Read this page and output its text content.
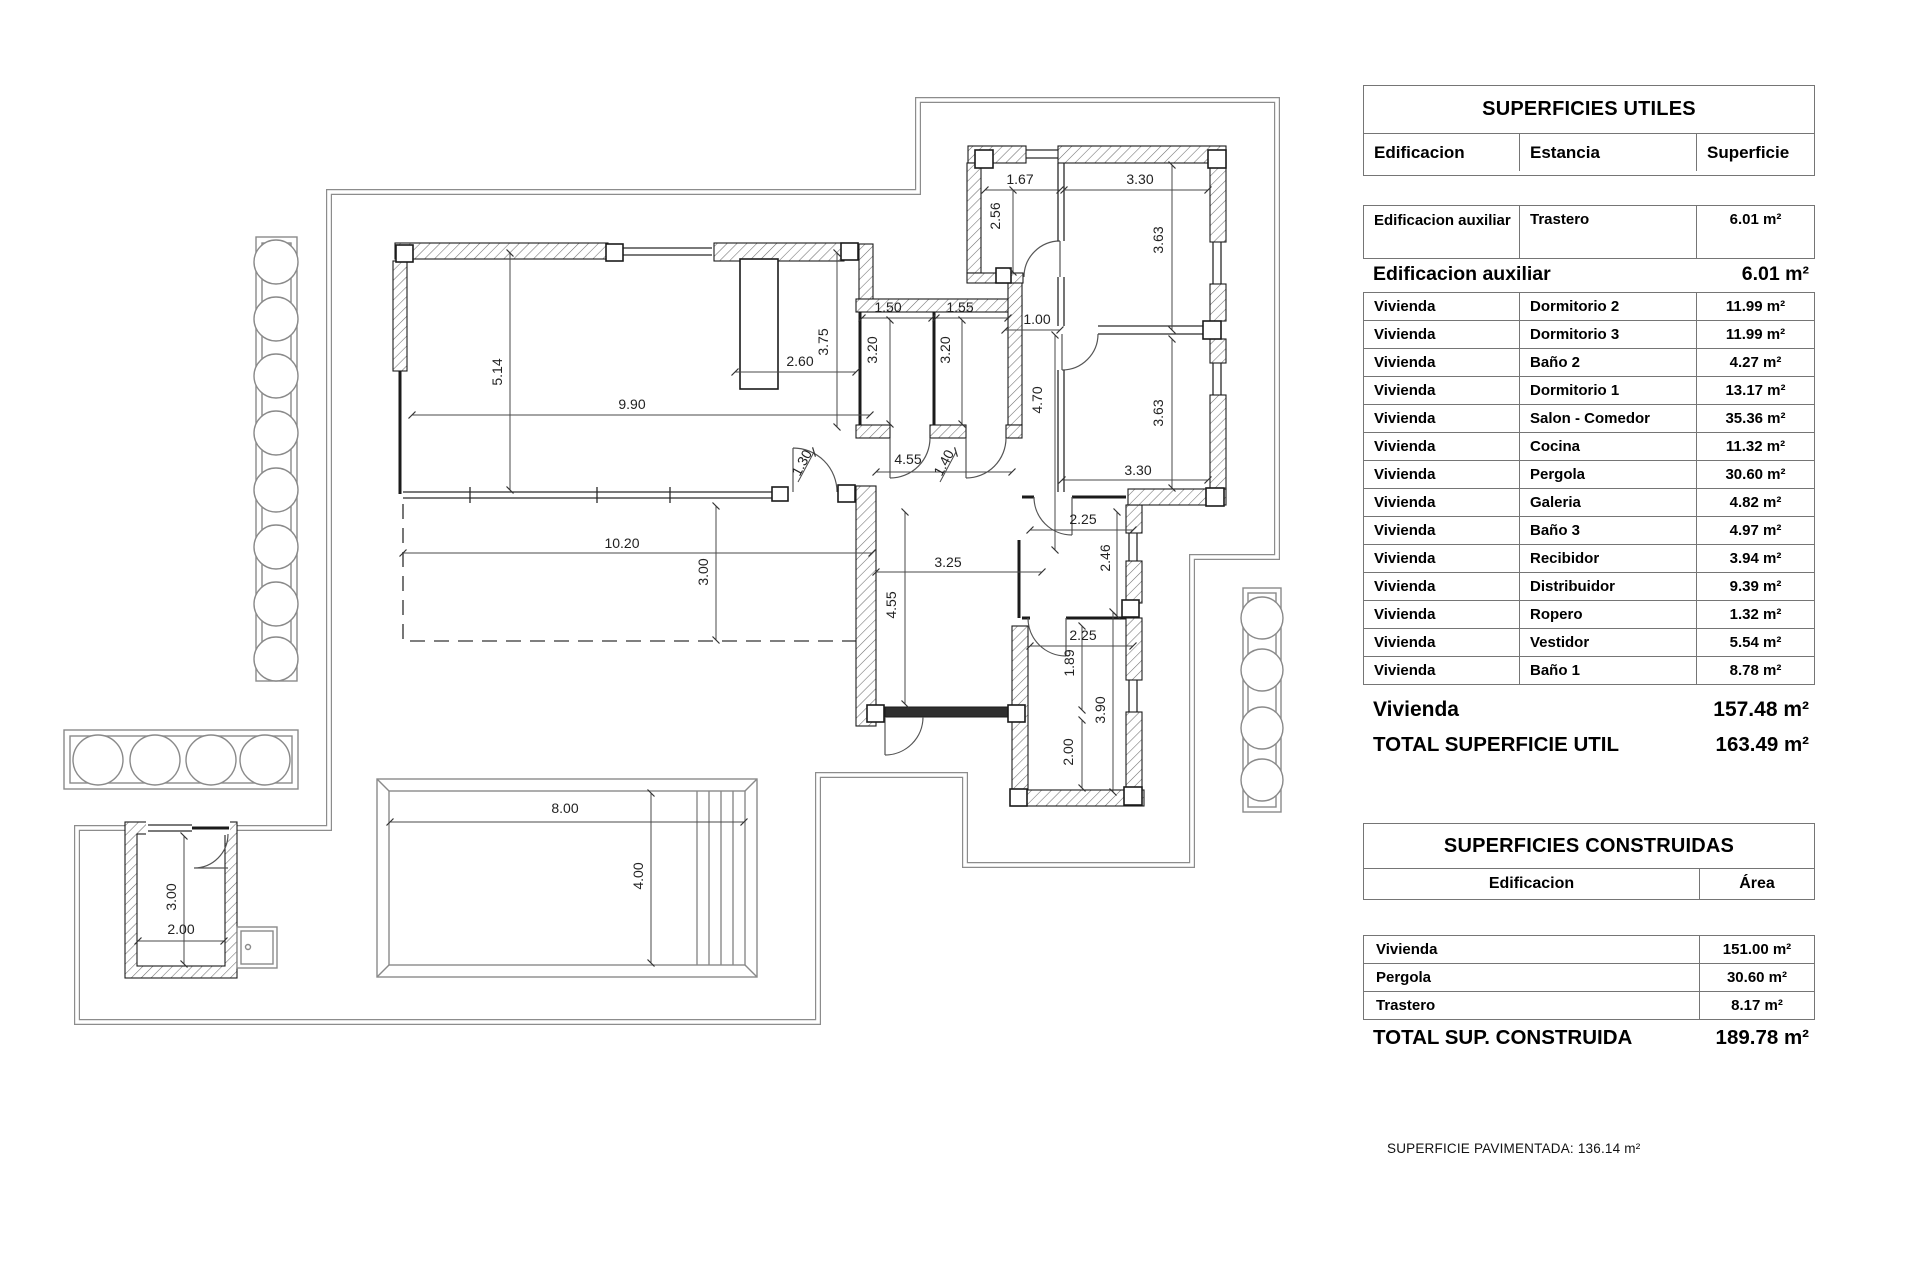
1.67	3.30
2.56
3.63
1.50	1.55
1.00
3.20	3.20
4.70	3.63
3.30
5.14
9.90
2.60
3.75
1.30	4.55 1.40
10.20
3.00	3.25
4.55
2.25
2.46
2.25
1.89
3.90
2.00
8.00
4.00
3.00
2.00
SUPERFICIES UTILES
Edificacion	Estancia	Superficie
Edificacion auxiliar	Trastero	6.01 m²
Edificacion auxiliar	6.01 m²
Vivienda	Dormitorio 2	11.99 m²
Vivienda	Dormitorio 3	11.99 m²
Vivienda	Baño 2	4.27 m²
Vivienda	Dormitorio 1	13.17 m²
Vivienda	Salon - Comedor	35.36 m²
Vivienda	Cocina	11.32 m²
Vivienda	Pergola	30.60 m²
Vivienda	Galeria	4.82 m²
Vivienda	Baño 3	4.97 m²
Vivienda	Recibidor	3.94 m²
Vivienda	Distribuidor	9.39 m²
Vivienda	Ropero	1.32 m²
Vivienda	Vestidor	5.54 m²
Vivienda	Baño 1	8.78 m²
Vivienda	157.48 m²
TOTAL SUPERFICIE UTIL	163.49 m²
SUPERFICIES CONSTRUIDAS
Edificacion	Área
Vivienda	151.00 m²
Pergola	30.60 m²
Trastero	8.17 m²
TOTAL SUP. CONSTRUIDA	189.78 m²
SUPERFICIE PAVIMENTADA: 136.14 m²
